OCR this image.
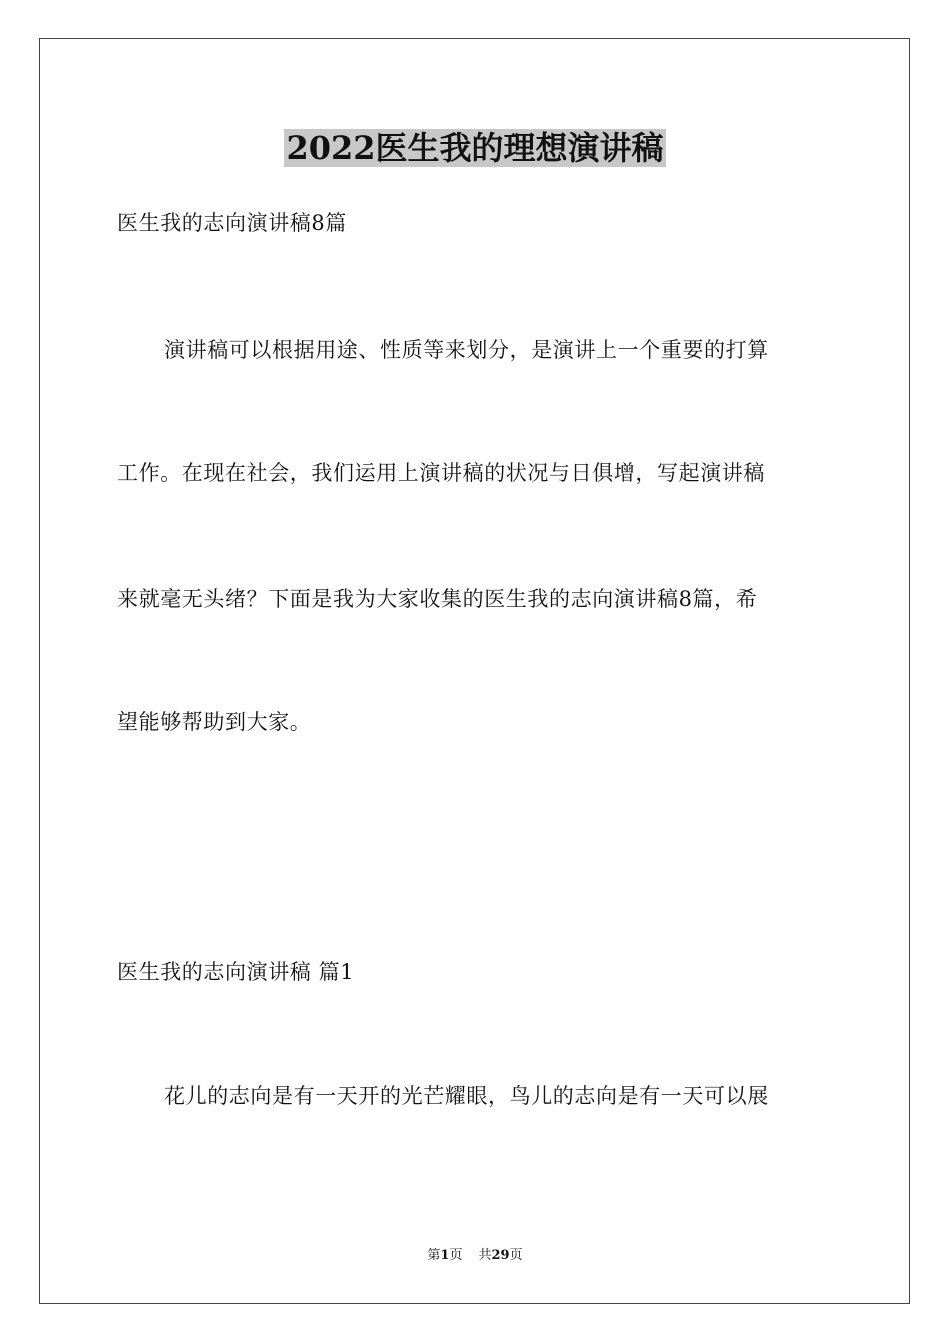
2022医生我的理想演讲稿
医生我的志向演讲稿8篇
演讲稿可以根据用途、性质等来划分，是演讲上一个重要的打算
工作。在现在社会，我们运用上演讲稿的状况与日俱增，写起演讲稿
来就毫无头绪？下面是我为大家收集的医生我的志向演讲稿8篇，希
望能够帮助到大家。
医生我的志向演讲稿 篇1
花儿的志向是有一天开的光芒耀眼，鸟儿的志向是有一天可以展
第1页 共29页
